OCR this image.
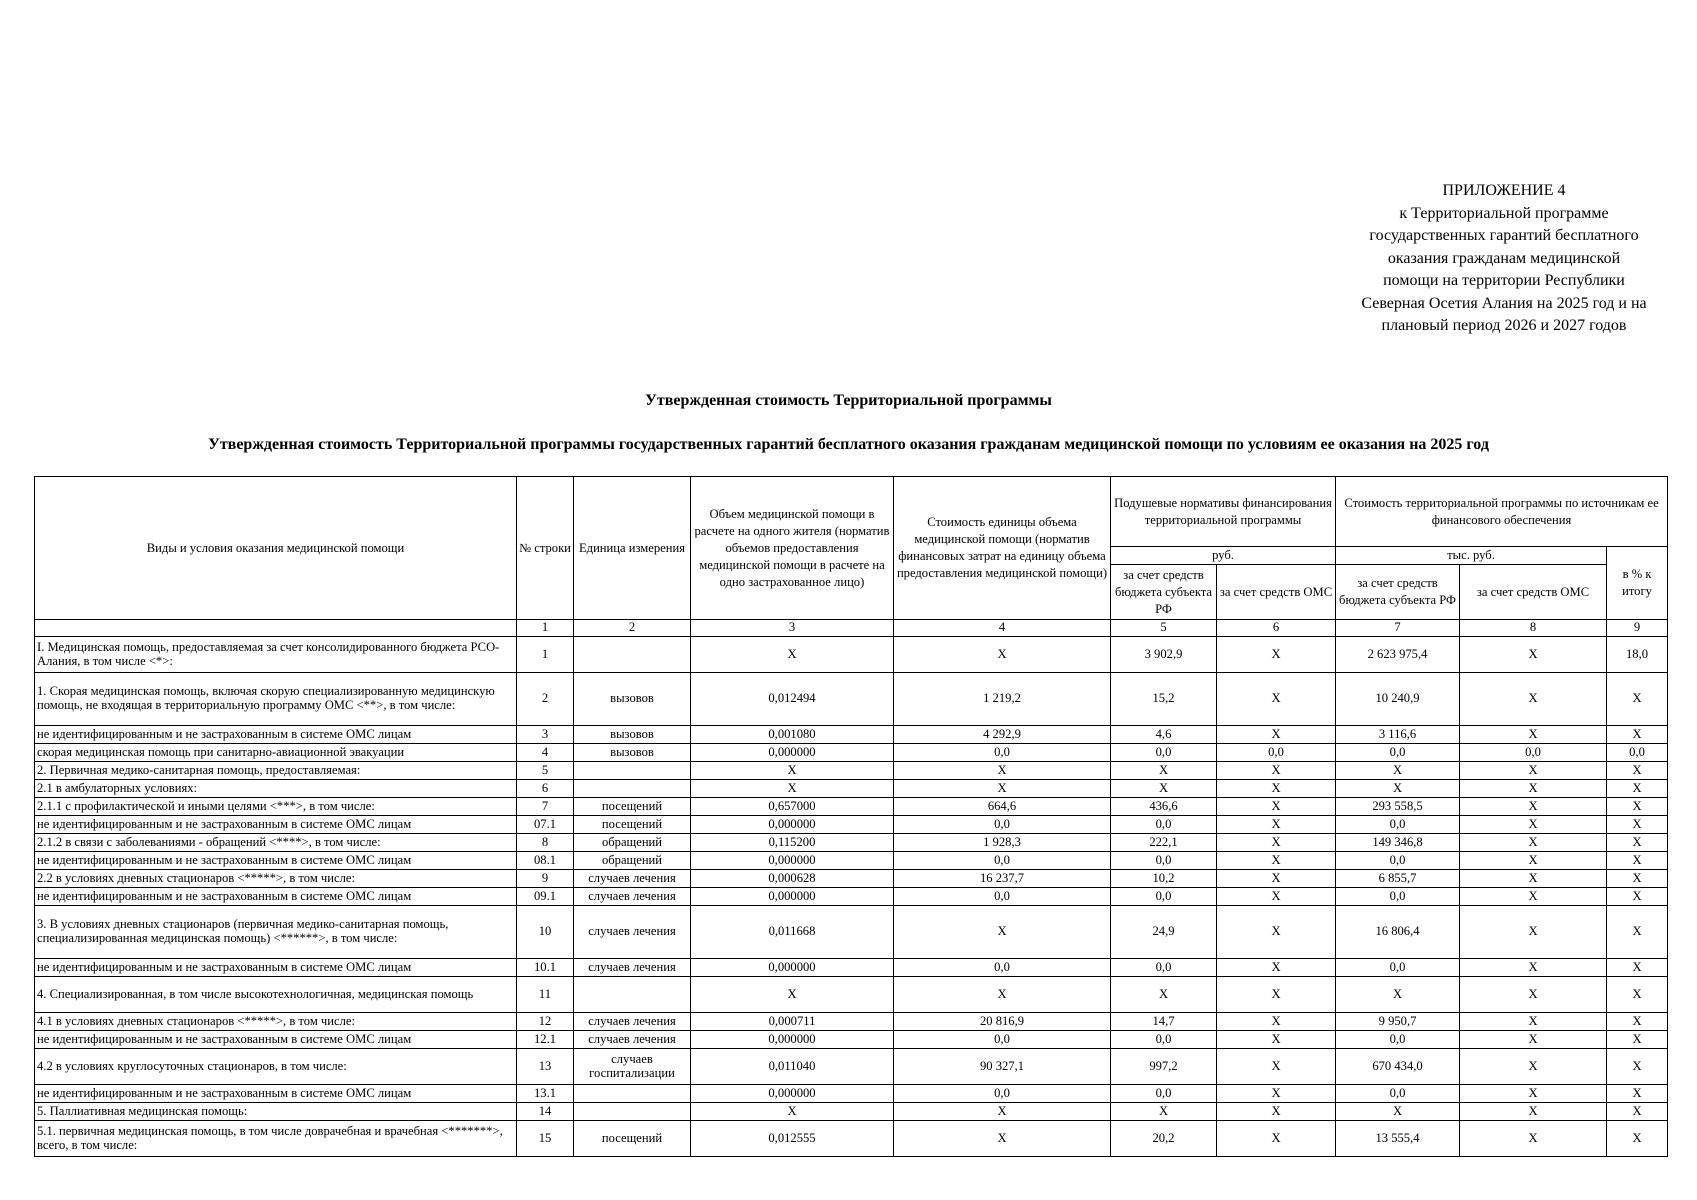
ПРИЛОЖЕНИЕ 4
к Территориальной программе
государственных гарантий бесплатного
оказания гражданам медицинской
помощи на территории Республики
Северная Осетия Алания на 2025 год и на
плановый период 2026 и 2027 годов
Утвержденная стоимость Территориальной программы
Утвержденная стоимость Территориальной программы государственных гарантий бесплатного оказания гражданам медицинской помощи по условиям ее оказания на 2025 год
Виды и условия оказания медицинской помощи	№ строки	Единица измерения	Объем медицинской помощи в расчете на одного жителя (норматив объемов предоставления медицинской помощи в расчете на одно застрахованное лицо)	Стоимость единицы объема медицинской помощи (норматив финансовых затрат на единицу объема предоставления медицинской помощи)	Подушевые нормативы финансирования территориальной программы		Стоимость территориальной программы по источникам ее финансового обеспечения		
					руб.		тыс. руб.		в % к итогу
					за счет средств бюджета субъекта РФ	за счет средств ОМС	за счет средств бюджета субъекта РФ	за счет средств ОМС	
	1	2	3	4	5	6	7	8	9
I. Медицинская помощь, предоставляемая за счет консолидированного бюджета РСО-Алания, в том числе <*>:	1		X	X	3 902,9	X	2 623 975,4	X	18,0
1. Скорая медицинская помощь, включая скорую специализированную медицинскую помощь, не входящая в территориальную программу ОМС <**>, в том числе:	2	вызовов	0,012494	1 219,2	15,2	X	10 240,9	X	X
не идентифицированным и не застрахованным в системе ОМС лицам	3	вызовов	0,001080	4 292,9	4,6	X	3 116,6	X	X
скорая медицинская помощь при санитарно-авиационной эвакуации	4	вызовов	0,000000	0,0	0,0	0,0	0,0	0,0	0,0
2. Первичная медико-санитарная помощь, предоставляемая:	5		X	X	X	X	X	X	X
2.1 в амбулаторных условиях:	6		X	X	X	X	X	X	X
2.1.1 с профилактической и иными целями <***>, в том числе:	7	посещений	0,657000	664,6	436,6	X	293 558,5	X	X
не идентифицированным и не застрахованным в системе ОМС лицам	07.1	посещений	0,000000	0,0	0,0	X	0,0	X	X
2.1.2 в связи с заболеваниями - обращений <****>, в том числе:	8	обращений	0,115200	1 928,3	222,1	X	149 346,8	X	X
не идентифицированным и не застрахованным в системе ОМС лицам	08.1	обращений	0,000000	0,0	0,0	X	0,0	X	X
2.2 в условиях дневных стационаров <*****>, в том числе:	9	случаев лечения	0,000628	16 237,7	10,2	X	6 855,7	X	X
не идентифицированным и не застрахованным в системе ОМС лицам	09.1	случаев лечения	0,000000	0,0	0,0	X	0,0	X	X
3. В условиях дневных стационаров (первичная медико-санитарная помощь, специализированная медицинская помощь) <******>, в том числе:	10	случаев лечения	0,011668	X	24,9	X	16 806,4	X	X
не идентифицированным и не застрахованным в системе ОМС лицам	10.1	случаев лечения	0,000000	0,0	0,0	X	0,0	X	X
4. Специализированная, в том числе высокотехнологичная, медицинская помощь	11		X	X	X	X	X	X	X
4.1 в условиях дневных стационаров <*****>, в том числе:	12	случаев лечения	0,000711	20 816,9	14,7	X	9 950,7	X	X
не идентифицированным и не застрахованным в системе ОМС лицам	12.1	случаев лечения	0,000000	0,0	0,0	X	0,0	X	X
4.2 в условиях круглосуточных стационаров, в том числе:	13	случаев госпитализации	0,011040	90 327,1	997,2	X	670 434,0	X	X
не идентифицированным и не застрахованным в системе ОМС лицам	13.1		0,000000	0,0	0,0	X	0,0	X	X
5. Паллиативная медицинская помощь:	14		X	X	X	X	X	X	X
5.1. первичная медицинская помощь, в том числе доврачебная и врачебная <*******>, всего, в том числе:	15	посещений	0,012555	X	20,2	X	13 555,4	X	X
